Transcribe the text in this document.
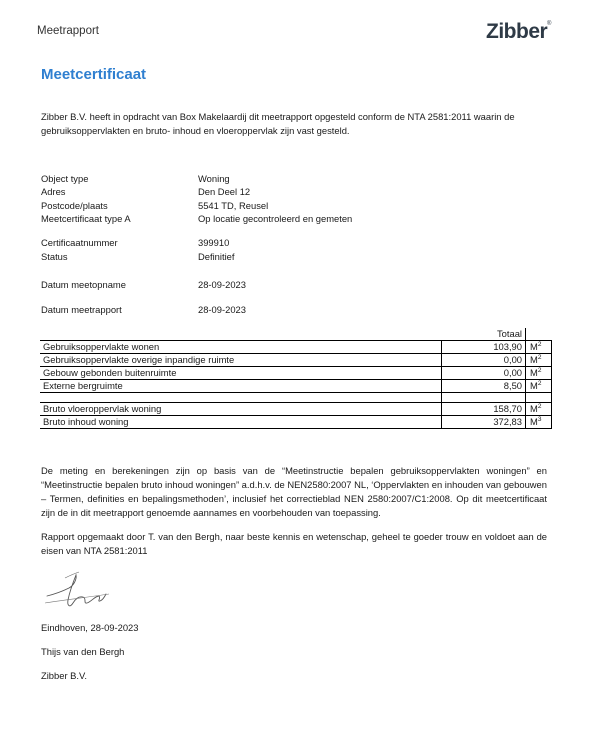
Meetrapport	Zibber ®
Meetcertificaat
Zibber B.V. heeft in opdracht van Box Makelaardij dit meetrapport opgesteld conform de NTA 2581:2011 waarin de gebruiksoppervlakten en bruto- inhoud en vloeroppervlak zijn vast gesteld.
Object type	Woning
Adres	Den Deel 12
Postcode/plaats	5541 TD, Reusel
Meetcertificaat type A	Op locatie gecontroleerd en gemeten
Certificaatnummer	399910
Status	Definitief
Datum meetopname	28-09-2023
Datum meetrapport	28-09-2023
	Totaal	
Gebruiksoppervlakte wonen	103,90	$M^2$
Gebruiksoppervlakte overige inpandige ruimte	0,00	$M^2$
Gebouw gebonden buitenruimte	0,00	$M^2$
Externe bergruimte	8,50	$M^2$

Bruto vloeroppervlak woning	158,70	$M^2$
Bruto inhoud woning	372,83	$M^3$
De meting en berekeningen zijn op basis van de “Meetinstructie bepalen gebruiksoppervlakten woningen” en “Meetinstructie bepalen bruto inhoud woningen” a.d.h.v. de NEN2580:2007 NL, ‘Oppervlakten en inhouden van gebouwen – Termen, definities en bepalingsmethoden’, inclusief het correctieblad NEN 2580:2007/C1:2008. Op dit meetcertificaat zijn de in dit meetrapport genoemde aannames en voorbehouden van toepassing.
Rapport opgemaakt door T. van den Bergh, naar beste kennis en wetenschap, geheel te goeder trouw en voldoet aan de eisen van NTA 2581:2011
Eindhoven, 28-09-2023
Thijs van den Bergh
Zibber B.V.
